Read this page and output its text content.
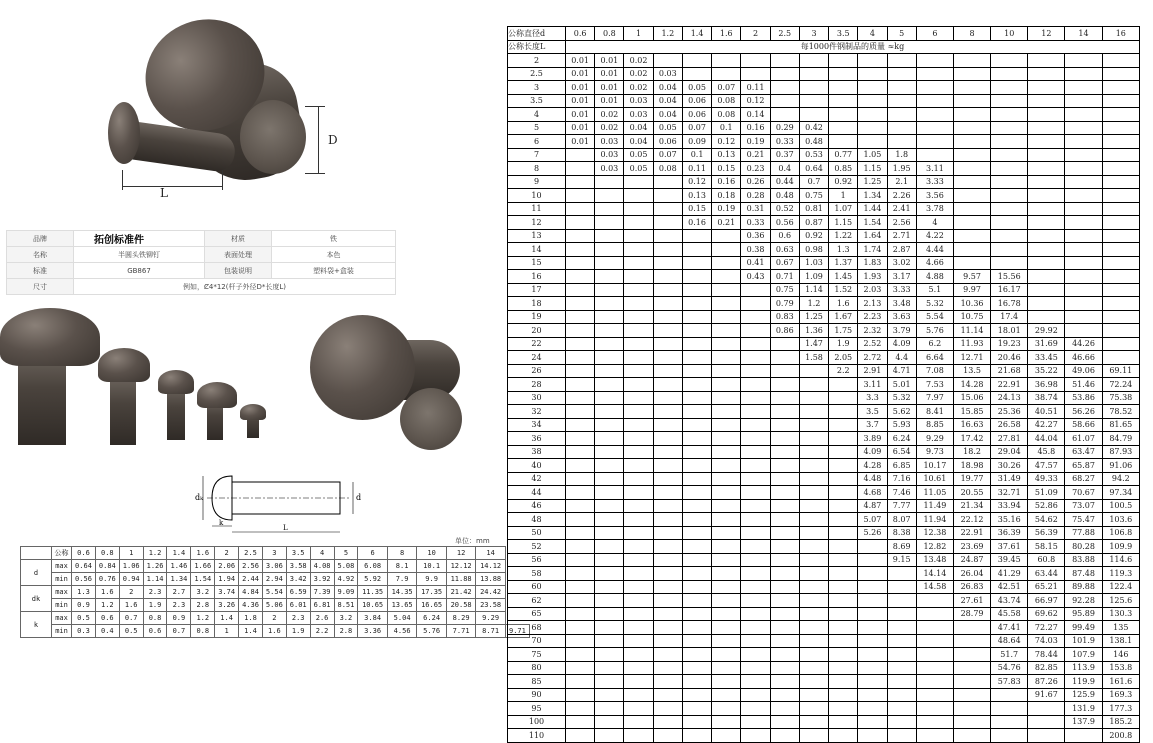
D
L
品牌	拓创标准件	材质	铁
名称	半圆头铁铆钉	表面处理	本色
标准	GB867	包装说明	塑料袋+盒装
尺寸	例如，Ȼ4*12(杆子外径D*长度L)		
dₖ	d
k
L
单位：mm
	公称	0.6	0.8	1	1.2	1.4	1.6	2	2.5	3	3.5	4	5	6	8	10	12	14	
d	max	0.64	0.84	1.06	1.26	1.46	1.66	2.06	2.56	3.06	3.58	4.08	5.08	6.08	8.1	10.1	12.12	14.12	
	min	0.56	0.76	0.94	1.14	1.34	1.54	1.94	2.44	2.94	3.42	3.92	4.92	5.92	7.9	9.9	11.88	13.88	
dk	max	1.3	1.6	2	2.3	2.7	3.2	3.74	4.84	5.54	6.59	7.39	9.09	11.35	14.35	17.35	21.42	24.42	
	min	0.9	1.2	1.6	1.9	2.3	2.8	3.26	4.36	5.06	6.01	6.81	8.51	10.65	13.65	16.65	20.58	23.58	
k	max	0.5	0.6	0.7	0.8	0.9	1.2	1.4	1.8	2	2.3	2.6	3.2	3.84	5.04	6.24	8.29	9.29	
	min	0.3	0.4	0.5	0.6	0.7	0.8	1	1.4	1.6	1.9	2.2	2.8	3.36	4.56	5.76	7.71	8.71	9.71
公称直径d	0.6	0.8	1	1.2	1.4	1.6	2	2.5	3	3.5	4	5	6	8	10	12	14	16
公称长度L	每1000件钢制品的质量 ≈kg																	
2	0.01	0.01	0.02															
2.5	0.01	0.01	0.02	0.03														
3	0.01	0.01	0.02	0.04	0.05	0.07	0.11											
3.5	0.01	0.01	0.03	0.04	0.06	0.08	0.12											
4	0.01	0.02	0.03	0.04	0.06	0.08	0.14											
5	0.01	0.02	0.04	0.05	0.07	0.1	0.16	0.29	0.42									
6	0.01	0.03	0.04	0.06	0.09	0.12	0.19	0.33	0.48									
7		0.03	0.05	0.07	0.1	0.13	0.21	0.37	0.53	0.77	1.05	1.8						
8		0.03	0.05	0.08	0.11	0.15	0.23	0.4	0.64	0.85	1.15	1.95	3.11					
9					0.12	0.16	0.26	0.44	0.7	0.92	1.25	2.1	3.33					
10					0.13	0.18	0.28	0.48	0.75	1	1.34	2.26	3.56					
11					0.15	0.19	0.31	0.52	0.81	1.07	1.44	2.41	3.78					
12					0.16	0.21	0.33	0.56	0.87	1.15	1.54	2.56	4					
13							0.36	0.6	0.92	1.22	1.64	2.71	4.22					
14							0.38	0.63	0.98	1.3	1.74	2.87	4.44					
15							0.41	0.67	1.03	1.37	1.83	3.02	4.66					
16							0.43	0.71	1.09	1.45	1.93	3.17	4.88	9.57	15.56			
17								0.75	1.14	1.52	2.03	3.33	5.1	9.97	16.17			
18								0.79	1.2	1.6	2.13	3.48	5.32	10.36	16.78			
19								0.83	1.25	1.67	2.23	3.63	5.54	10.75	17.4			
20								0.86	1.36	1.75	2.32	3.79	5.76	11.14	18.01	29.92		
22									1.47	1.9	2.52	4.09	6.2	11.93	19.23	31.69	44.26	
24									1.58	2.05	2.72	4.4	6.64	12.71	20.46	33.45	46.66	
26										2.2	2.91	4.71	7.08	13.5	21.68	35.22	49.06	69.11
28											3.11	5.01	7.53	14.28	22.91	36.98	51.46	72.24
30											3.3	5.32	7.97	15.06	24.13	38.74	53.86	75.38
32											3.5	5.62	8.41	15.85	25.36	40.51	56.26	78.52
34											3.7	5.93	8.85	16.63	26.58	42.27	58.66	81.65
36											3.89	6.24	9.29	17.42	27.81	44.04	61.07	84.79
38											4.09	6.54	9.73	18.2	29.04	45.8	63.47	87.93
40											4.28	6.85	10.17	18.98	30.26	47.57	65.87	91.06
42											4.48	7.16	10.61	19.77	31.49	49.33	68.27	94.2
44											4.68	7.46	11.05	20.55	32.71	51.09	70.67	97.34
46											4.87	7.77	11.49	21.34	33.94	52.86	73.07	100.5
48											5.07	8.07	11.94	22.12	35.16	54.62	75.47	103.6
50											5.26	8.38	12.38	22.91	36.39	56.39	77.88	106.8
52												8.69	12.82	23.69	37.61	58.15	80.28	109.9
56												9.15	13.48	24.87	39.45	60.8	83.88	114.6
58													14.14	26.04	41.29	63.44	87.48	119.3
60													14.58	26.83	42.51	65.21	89.88	122.4
62														27.61	43.74	66.97	92.28	125.6
65														28.79	45.58	69.62	95.89	130.3
68															47.41	72.27	99.49	135
70															48.64	74.03	101.9	138.1
75															51.7	78.44	107.9	146
80															54.76	82.85	113.9	153.8
85															57.83	87.26	119.9	161.6
90																91.67	125.9	169.3
95																	131.9	177.3
100																	137.9	185.2
110																		200.8
